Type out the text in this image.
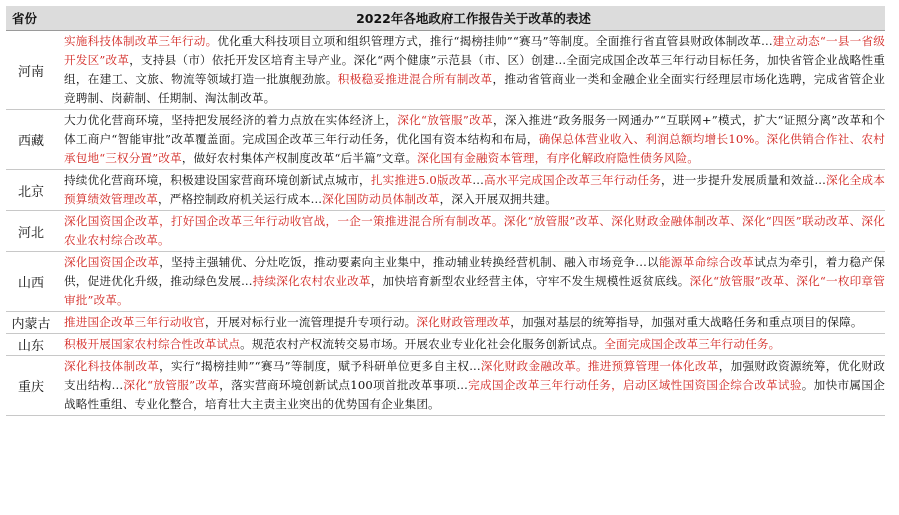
省份	2022年各地政府工作报告关于改革的表述
河南	实施科技体制改革三年行动。优化重大科技项目立项和组织管理方式，推行“揭榜挂帅”“赛马”等制度。全面推行省直管县财政体制改革...建立动态“一县一省级开发区”改革，支持县（市）依托开发区培育主导产业。深化“两个健康”示范县（市、区）创建...全面完成国企改革三年行动目标任务，加快省管企业战略性重组，在建工、文旅、物流等领域打造一批旗舰劲旅。积极稳妥推进混合所有制改革，推动省管商业一类和金融企业全面实行经理层市场化选聘，完成省管企业竞聘制、岗薪制、任期制、淘汰制改革。
西藏	大力优化营商环境，坚持把发展经济的着力点放在实体经济上，深化“放管服”改革，深入推进“政务服务一网通办”“互联网+”模式，扩大“证照分离”改革和个体工商户“智能审批”改革覆盖面。完成国企改革三年行动任务，优化国有资本结构和布局，确保总体营业收入、利润总额均增长10%。深化供销合作社、农村承包地“三权分置”改革，做好农村集体产权制度改革“后半篇”文章。深化国有金融资本管理，有序化解政府隐性债务风险。
北京	持续优化营商环境，积极建设国家营商环境创新试点城市，扎实推进5.0版改革...高水平完成国企改革三年行动任务，进一步提升发展质量和效益...深化全成本预算绩效管理改革，严格控制政府机关运行成本...深化国防动员体制改革，深入开展双拥共建。
河北	深化国资国企改革，打好国企改革三年行动收官战，一企一策推进混合所有制改革。深化“放管服”改革、深化财政金融体制改革、深化“四医”联动改革、深化农业农村综合改革。
山西	深化国资国企改革，坚持主强辅优、分灶吃饭，推动要素向主业集中，推动辅业转换经营机制、融入市场竞争...以能源革命综合改革试点为牵引，着力稳产保供，促进优化升级，推动绿色发展...持续深化农村农业改革，加快培育新型农业经营主体，守牢不发生规模性返贫底线。深化“放管服”改革、深化“一枚印章管审批”改革。
内蒙古	推进国企改革三年行动收官，开展对标行业一流管理提升专项行动。深化财政管理改革，加强对基层的统筹指导，加强对重大战略任务和重点项目的保障。
山东	积极开展国家农村综合性改革试点。规范农村产权流转交易市场。开展农业专业化社会化服务创新试点。全面完成国企改革三年行动任务。
重庆	深化科技体制改革，实行“揭榜挂帅”“赛马”等制度，赋予科研单位更多自主权...深化财政金融改革。推进预算管理一体化改革，加强财政资源统筹，优化财政支出结构...深化“放管服”改革，落实营商环境创新试点100项首批改革事项...完成国企改革三年行动任务，启动区域性国资国企综合改革试验。加快市属国企战略性重组、专业化整合，培育壮大主责主业突出的优势国有企业集团。
